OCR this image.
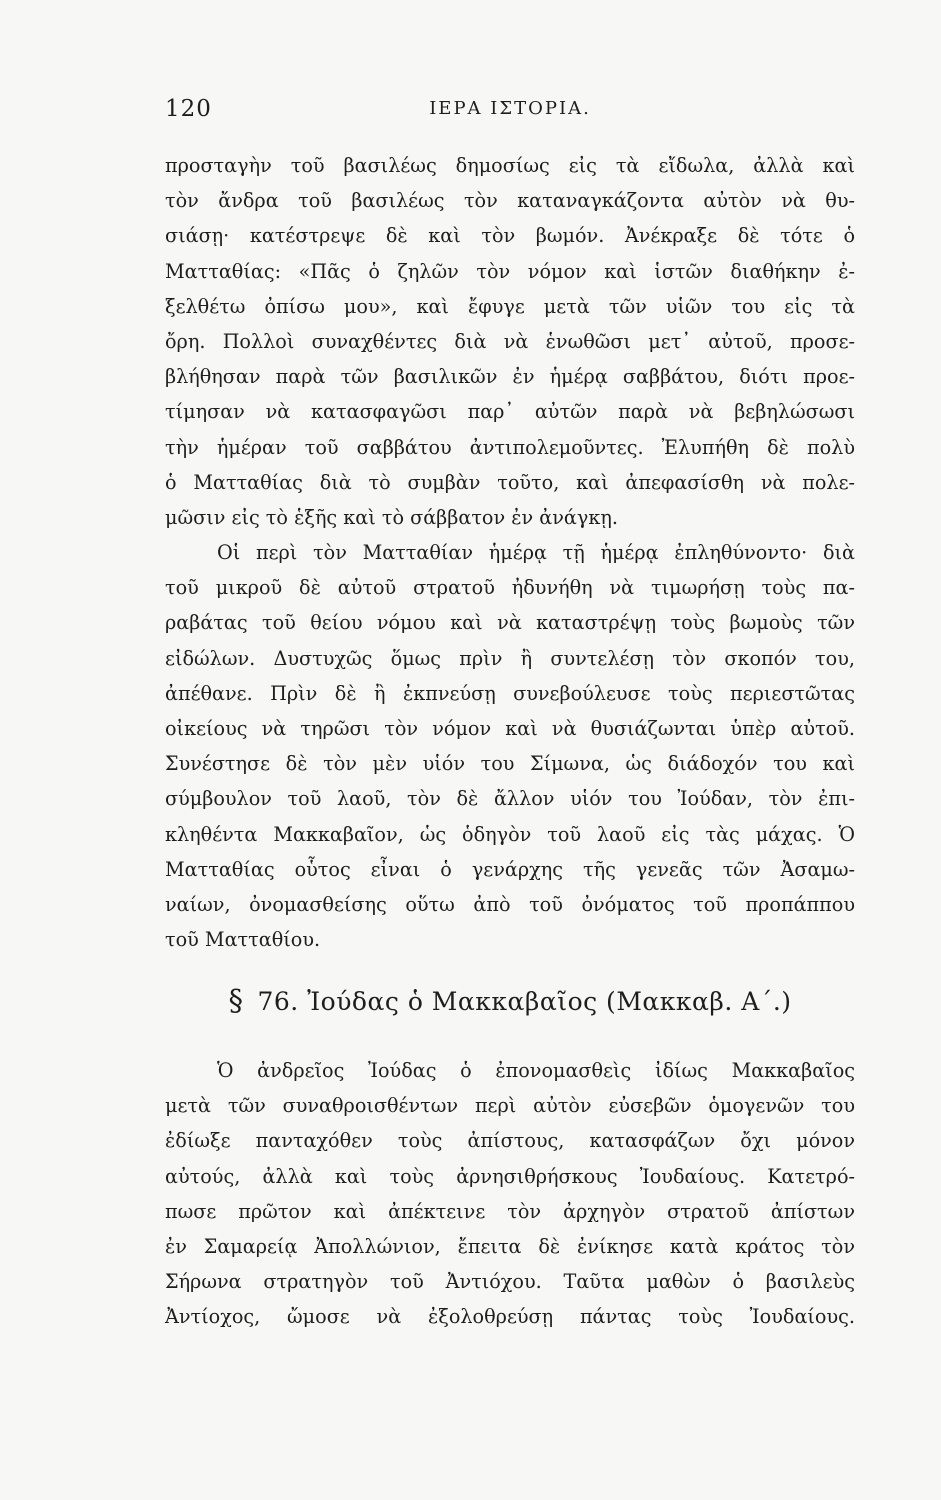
120	ΙΕΡΑ ΙΣΤΟΡΙΑ.
προσταγὴν τοῦ βασιλέως δημοσίως εἰς τὰ εἴδωλα, ἀλλὰ καὶ
τὸν ἄνδρα τοῦ βασιλέως τὸν καταναγκάζοντα αὐτὸν νὰ θυ-
σιάσῃ· κατέστρεψε δὲ καὶ τὸν βωμόν. Ἀνέκραξε δὲ τότε ὁ
Ματταθίας: «Πᾶς ὁ ζηλῶν τὸν νόμον καὶ ἱστῶν διαθήκην ἐ-
ξελθέτω ὀπίσω μου», καὶ ἔφυγε μετὰ τῶν υἱῶν του εἰς τὰ
ὄρη. Πολλοὶ συναχθέντες διὰ νὰ ἑνωθῶσι μετ᾽ αὐτοῦ, προσε-
βλήθησαν παρὰ τῶν βασιλικῶν ἐν ἡμέρᾳ σαββάτου, διότι προε-
τίμησαν νὰ κατασφαγῶσι παρ᾽ αὐτῶν παρὰ νὰ βεβηλώσωσι
τὴν ἡμέραν τοῦ σαββάτου ἀντιπολεμοῦντες. Ἐλυπήθη δὲ πολὺ
ὁ Ματταθίας διὰ τὸ συμβὰν τοῦτο, καὶ ἀπεφασίσθη νὰ πολε-
μῶσιν εἰς τὸ ἑξῆς καὶ τὸ σάββατον ἐν ἀνάγκῃ.
Οἱ περὶ τὸν Ματταθίαν ἡμέρᾳ τῇ ἡμέρᾳ ἐπληθύνοντο· διὰ
τοῦ μικροῦ δὲ αὐτοῦ στρατοῦ ἠδυνήθη νὰ τιμωρήσῃ τοὺς πα-
ραβάτας τοῦ θείου νόμου καὶ νὰ καταστρέψῃ τοὺς βωμοὺς τῶν
εἰδώλων. Δυστυχῶς ὅμως πρὶν ἢ συντελέσῃ τὸν σκοπόν του,
ἀπέθανε. Πρὶν δὲ ἢ ἐκπνεύσῃ συνεβούλευσε τοὺς περιεστῶτας
οἰκείους νὰ τηρῶσι τὸν νόμον καὶ νὰ θυσιάζωνται ὑπὲρ αὐτοῦ.
Συνέστησε δὲ τὸν μὲν υἱόν του Σίμωνα, ὡς διάδοχόν του καὶ
σύμβουλον τοῦ λαοῦ, τὸν δὲ ἄλλον υἱόν του Ἰούδαν, τὸν ἐπι-
κληθέντα Μακκαβαῖον, ὡς ὁδηγὸν τοῦ λαοῦ εἰς τὰς μάχας. Ὁ
Ματταθίας οὗτος εἶναι ὁ γενάρχης τῆς γενεᾶς τῶν Ἀσαμω-
ναίων, ὀνομασθείσης οὕτω ἀπὸ τοῦ ὀνόματος τοῦ προπάππου
τοῦ Ματταθίου.
§ 76. Ἰούδας ὁ Μακκαβαῖος (Μακκαβ. Α΄.)
Ὁ ἀνδρεῖος Ἰούδας ὁ ἐπονομασθεὶς ἰδίως Μακκαβαῖος
μετὰ τῶν συναθροισθέντων περὶ αὐτὸν εὐσεβῶν ὁμογενῶν του
ἐδίωξε πανταχόθεν τοὺς ἀπίστους, κατασφάζων ὄχι μόνον
αὐτούς, ἀλλὰ καὶ τοὺς ἀρνησιθρήσκους Ἰουδαίους. Κατετρό-
πωσε πρῶτον καὶ ἀπέκτεινε τὸν ἀρχηγὸν στρατοῦ ἀπίστων
ἐν Σαμαρείᾳ Ἀπολλώνιον, ἔπειτα δὲ ἐνίκησε κατὰ κράτος τὸν
Σήρωνα στρατηγὸν τοῦ Ἀντιόχου. Ταῦτα μαθὼν ὁ βασιλεὺς
Ἀντίοχος, ὤμοσε νὰ ἐξολοθρεύσῃ πάντας τοὺς Ἰουδαίους.
